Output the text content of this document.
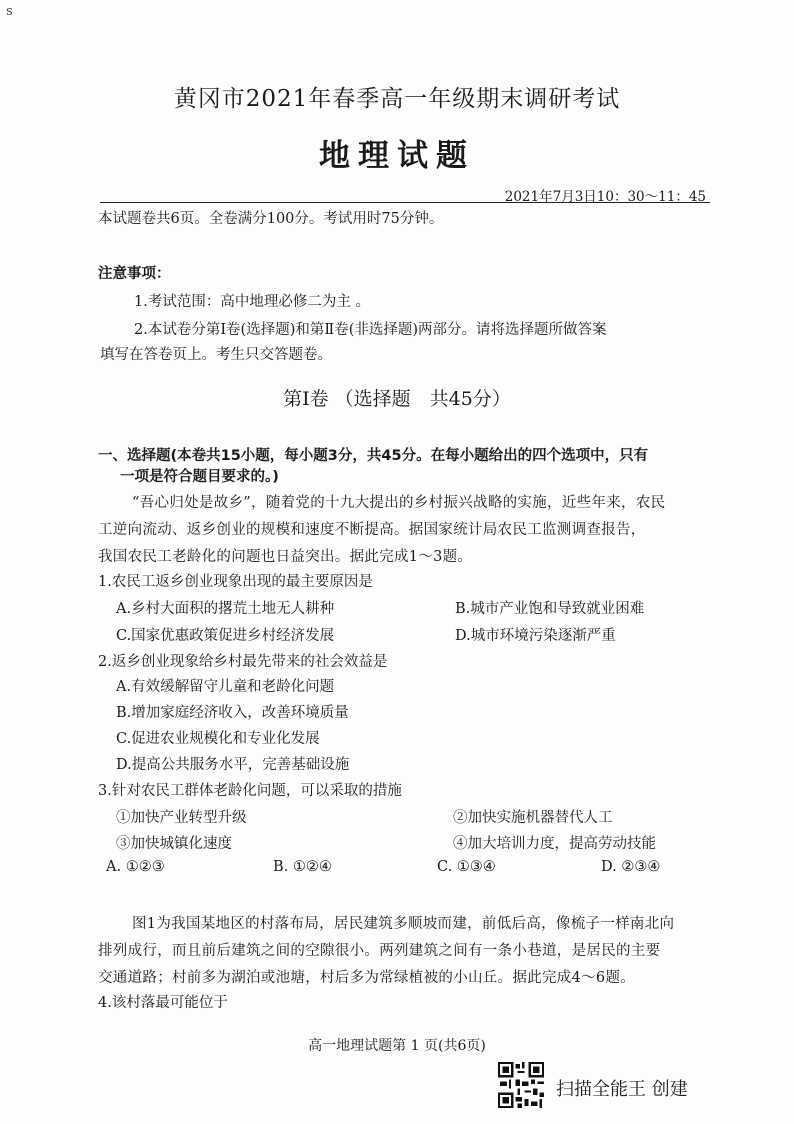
s
黄冈市2021年春季高一年级期末调研考试
地理试题
2021年7月3日10：30～11：45
本试题卷共6页。全卷满分100分。考试用时75分钟。
注意事项：
1.考试范围：高中地理必修二为主 。
2.本试卷分第Ⅰ卷(选择题)和第Ⅱ卷(非选择题)两部分。请将选择题所做答案
填写在答卷页上。考生只交答题卷。
第Ⅰ卷 （选择题　共45分）
一、选择题(本卷共15小题，每小题3分，共45分。在每小题给出的四个选项中，只有
一项是符合题目要求的。)
“吾心归处是故乡”，随着党的十九大提出的乡村振兴战略的实施，近些年来，农民
工逆向流动、返乡创业的规模和速度不断提高。据国家统计局农民工监测调查报告，
我国农民工老龄化的问题也日益突出。据此完成1～3题。
1.农民工返乡创业现象出现的最主要原因是
A.乡村大面积的撂荒土地无人耕种	B.城市产业饱和导致就业困难
C.国家优惠政策促进乡村经济发展	D.城市环境污染逐渐严重
2.返乡创业现象给乡村最先带来的社会效益是
A.有效缓解留守儿童和老龄化问题
B.增加家庭经济收入，改善环境质量
C.促进农业规模化和专业化发展
D.提高公共服务水平，完善基础设施
3.针对农民工群体老龄化问题，可以采取的措施
①加快产业转型升级	②加快实施机器替代人工
③加快城镇化速度	④加大培训力度，提高劳动技能
A. ①②③	B. ①②④	C. ①③④	D. ②③④
图1为我国某地区的村落布局，居民建筑多顺坡而建，前低后高，像梳子一样南北向
排列成行，而且前后建筑之间的空隙很小。两列建筑之间有一条小巷道，是居民的主要
交通道路；村前多为湖泊或池塘，村后多为常绿植被的小山丘。据此完成4～6题。
4.该村落最可能位于
高一地理试题第 1 页(共6页)
扫描全能王 创建
